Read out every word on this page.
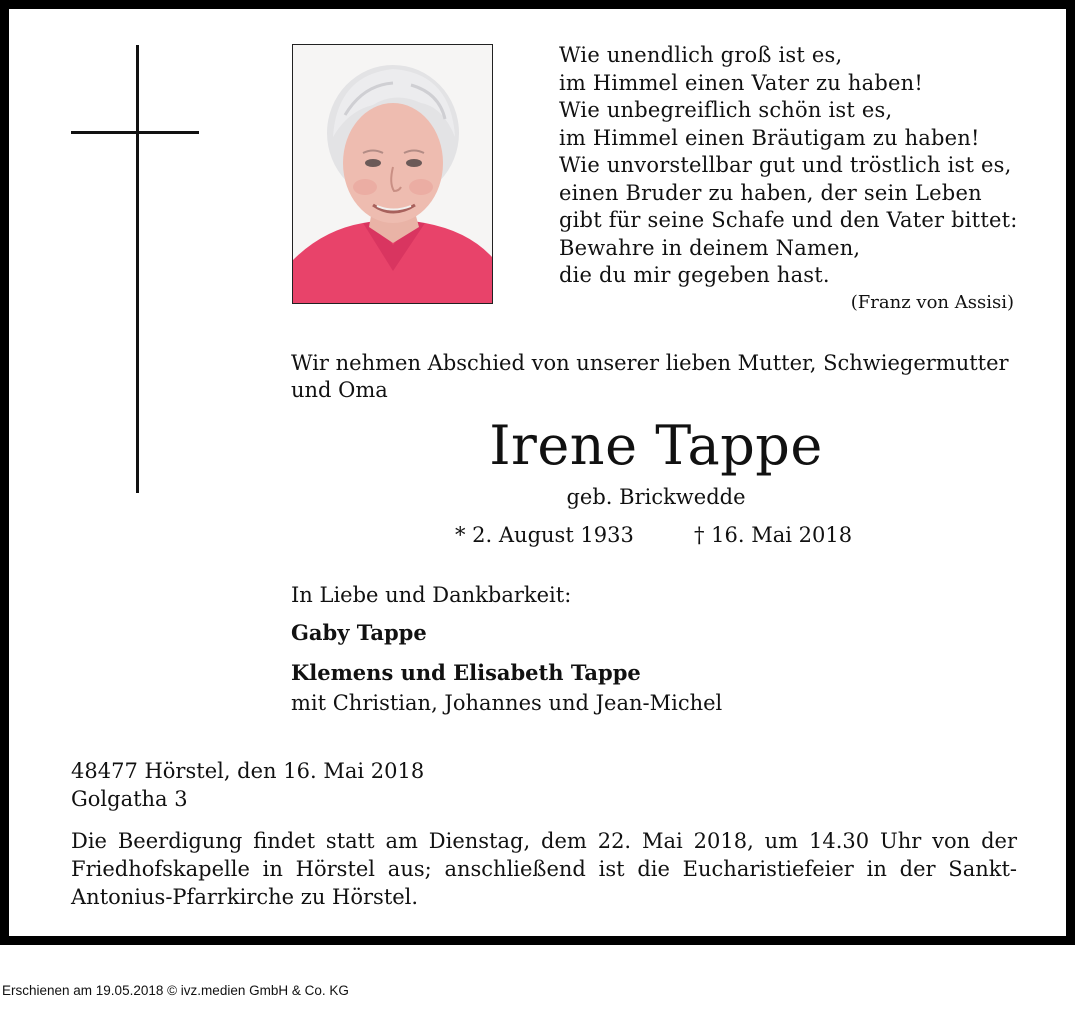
Wie unendlich groß ist es,
im Himmel einen Vater zu haben!
Wie unbegreiflich schön ist es,
im Himmel einen Bräutigam zu haben!
Wie unvorstellbar gut und tröstlich ist es,
einen Bruder zu haben, der sein Leben
gibt für seine Schafe und den Vater bittet:
Bewahre in deinem Namen,
die du mir gegeben hast.
(Franz von Assisi)
Wir nehmen Abschied von unserer lieben Mutter, Schwiegermutter und Oma
Irene Tappe
geb. Brickwedde
* 2. August 1933	† 16. Mai 2018
In Liebe und Dankbarkeit:
Gaby Tappe
Klemens und Elisabeth Tappe
mit Christian, Johannes und Jean-Michel
48477 Hörstel, den 16. Mai 2018
Golgatha 3
Die Beerdigung findet statt am Dienstag, dem 22. Mai 2018, um 14.30 Uhr von der Friedhofskapelle in Hörstel aus; anschließend ist die Eucharistiefeier in der Sankt-Antonius-Pfarrkirche zu Hörstel.
Erschienen am 19.05.2018 © ivz.medien GmbH & Co. KG
